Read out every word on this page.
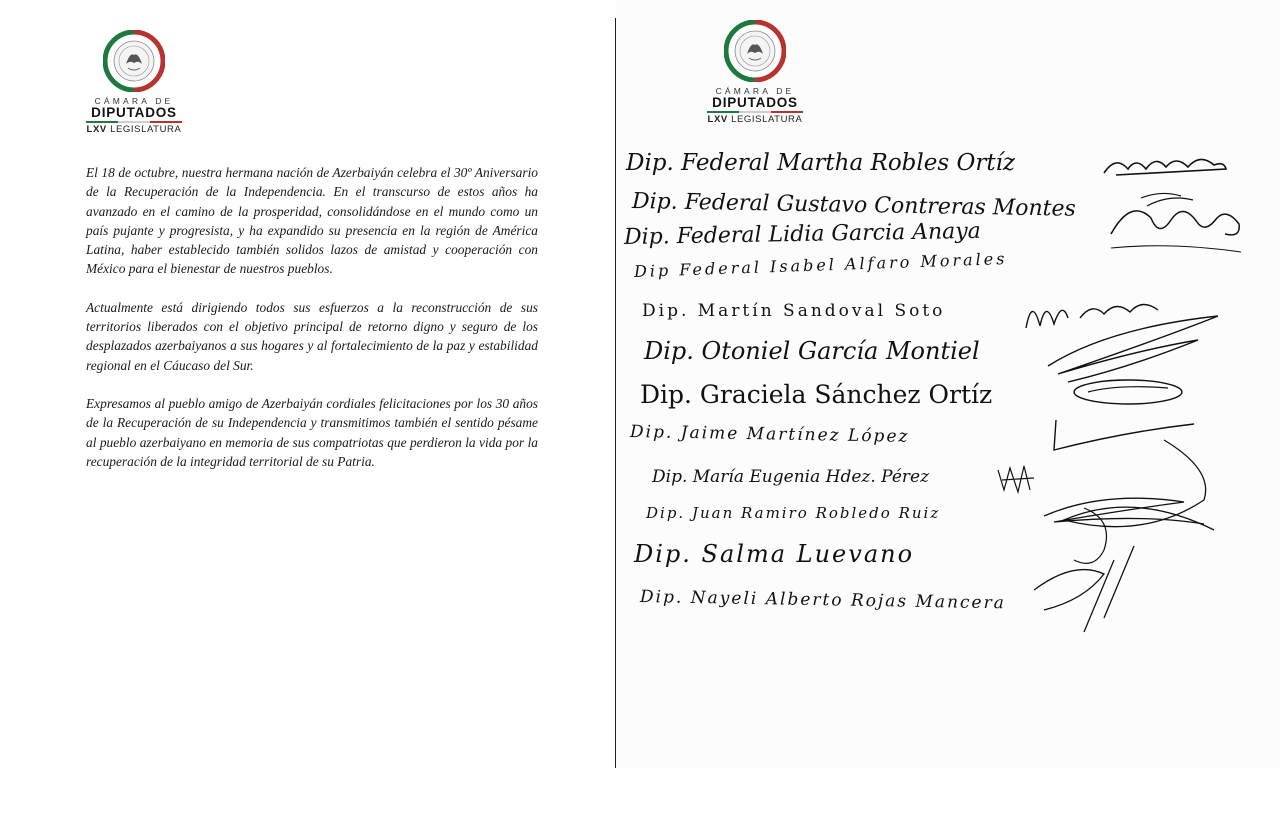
CÁMARA DE
DIPUTADOS
LXV LEGISLATURA
CÁMARA DE
DIPUTADOS
LXV LEGISLATURA

El 18 de octubre, nuestra hermana nación de Azerbaiyán celebra el 30º Aniversario de la Recuperación de la Independencia. En el transcurso de estos años ha avanzado en el camino de la prosperidad, consolidándose en el mundo como un país pujante y progresista, y ha expandido su presencia en la región de América Latina, haber establecido también solidos lazos de amistad y cooperación con México para el bienestar de nuestros pueblos.

Actualmente está dirigiendo todos sus esfuerzos a la reconstrucción de sus territorios liberados con el objetivo principal de retorno digno y seguro de los desplazados azerbaiyanos a sus hogares y al fortalecimiento de la paz y estabilidad regional en el Cáucaso del Sur.

Expresamos al pueblo amigo de Azerbaiyán cordiales felicitaciones por los 30 años de la Recuperación de su Independencia y transmitimos también el sentido pésame al pueblo azerbaiyano en memoria de sus compatriotas que perdieron la vida por la recuperación de la integridad territorial de su Patria.

Dip. Federal Martha Robles Ortíz
Dip. Federal Gustavo Contreras Montes
Dip. Federal Lidia Garcia Anaya
Dip Federal Isabel Alfaro Morales
Dip. Martín Sandoval Soto
Dip. Otoniel García Montiel
Dip. Graciela Sánchez Ortíz
Dip. Jaime Martínez López
Dip. María Eugenia Hdez. Pérez
Dip. Juan Ramiro Robledo Ruiz
Dip. Salma Luevano
Dip. Nayeli Alberto Rojas Mancera
